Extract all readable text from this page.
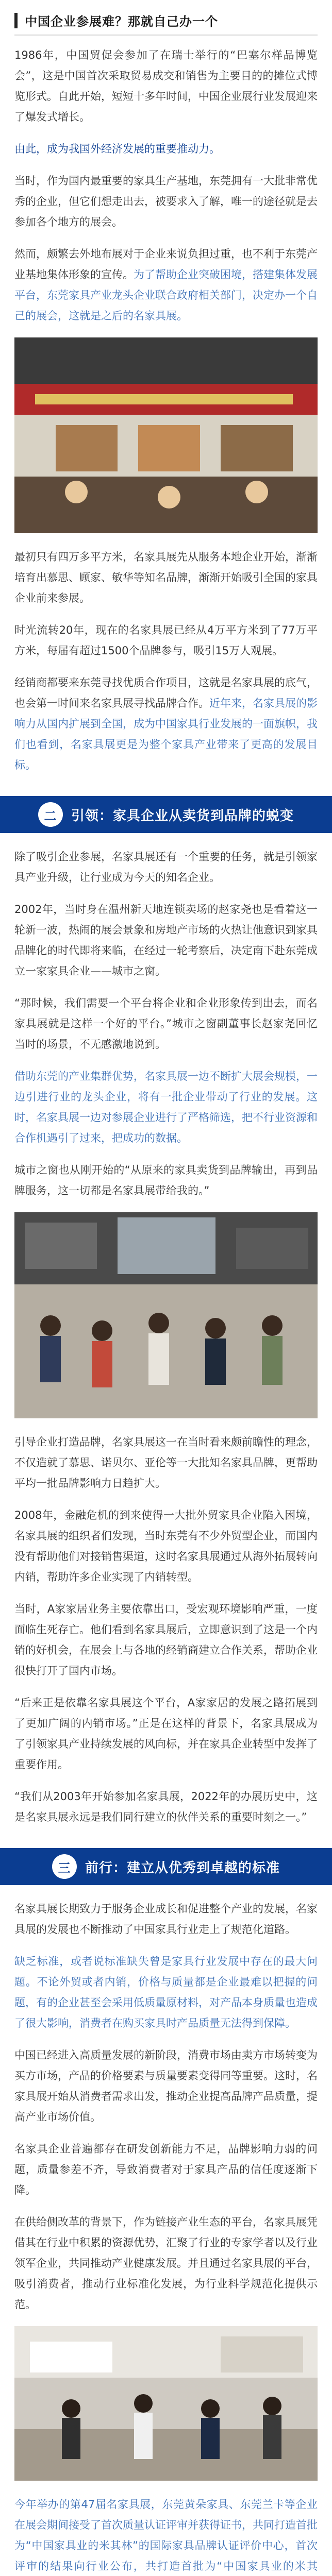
中国企业参展难？那就自己办一个

1986年，中国贸促会参加了在瑞士举行的“巴塞尔样品博览会”，这是中国首次采取贸易成交和销售为主要目的的摊位式博览形式。自此开始，短短十多年时间，中国企业展行业发展迎来了爆发式增长。

由此，成为我国外经济发展的重要推动力。

当时，作为国内最重要的家具生产基地，东莞拥有一大批非常优秀的企业，但它们想走出去，被要求入了解，唯一的途径就是去参加各个地方的展会。

然而，颇繁去外地布展对于企业来说负担过重，也不利于东莞产业基地集体形象的宣传。为了帮助企业突破困境，搭建集体发展平台，东莞家具产业龙头企业联合政府相关部门，决定办一个自己的展会，这就是之后的名家具展。

最初只有四万多平方米，名家具展先从服务本地企业开始，渐渐培育出慕思、顾家、敏华等知名品牌，渐渐开始吸引全国的家具企业前来参展。

时光流转20年，现在的名家具展已经从4万平方米到了77万平方米，每届有超过1500个品牌参与，吸引15万人观展。

经销商都要来东莞寻找优质合作项目，这就是名家具展的底气，也会第一时间来名家具展寻找品牌合作。近年来，名家具展的影响力从国内扩展到全国，成为中国家具行业发展的一面旗帜，我们也看到，名家具展更是为整个家具产业带来了更高的发展目标。

二	引领：家具企业从卖货到品牌的蜕变

除了吸引企业参展，名家具展还有一个重要的任务，就是引领家具产业升级，让行业成为今天的知名企业。

2002年，当时身在温州新天地连锁卖场的赵家尧也是看着这一轮新一波，热闹的展会景象和房地产市场的火热让他意识到家具品牌化的时代即将来临，在经过一轮考察后，决定南下赴东莞成立一家家具企业——城市之窗。

“那时候，我们需要一个平台将企业和企业形象传到出去，而名家具展就是这样一个好的平台。”城市之窗副董事长赵家尧回忆当时的场景，不无感激地说到。

借助东莞的产业集群优势，名家具展一边不断扩大展会规模，一边引进行业的龙头企业，将有一批企业带动了行业的发展。这时，名家具展一边对参展企业进行了严格筛选，把不行业资源和合作机遇引了过来，把成功的数据。

城市之窗也从刚开始的“从原来的家具卖货到品牌输出，再到品牌服务，这一切都是名家具展带给我的。”

引导企业打造品牌，名家具展这一在当时看来颇前瞻性的理念，不仅造就了慕思、诺贝尔、亚伦等一大批知名家具品牌，更帮助平均一批品牌影响力日趋扩大。

2008年，金融危机的到来使得一大批外贸家具企业陷入困境，名家具展的组织者们发现，当时东莞有不少外贸型企业，而国内没有帮助他们对接销售渠道，这时名家具展通过从海外拓展转向内销，帮助许多企业实现了内销转型。

当时，A家家居业务主要依靠出口，受宏观环境影响严重，一度面临生死存亡。他们看到名家具展后，立即意识到了这是一个内销的好机会，在展会上与各地的经销商建立合作关系，帮助企业很快打开了国内市场。

“后来正是依靠名家具展这个平台，A家家居的发展之路拓展到了更加广阔的内销市场。”正是在这样的背景下，名家具展成为了引领家具产业持续发展的风向标，并在家具企业转型中发挥了重要作用。

“我们从2003年开始参加名家具展，2022年的办展历史中，这是名家具展永远是我们同行建立的伙伴关系的重要时刻之一。”

三	前行：建立从优秀到卓越的标准

名家具展长期致力于服务企业成长和促进整个产业的发展，名家具展的发展也不断推动了中国家具行业走上了规范化道路。

缺乏标准，或者说标准缺失曾是家具行业发展中存在的最大问题。不论外贸或者内销，价格与质量都是企业最难以把握的问题，有的企业甚至会采用低质量原材料，对产品本身质量也造成了很大影响，消费者在购买家具时产品质量无法得到保障。

中国已经进入高质量发展的新阶段，消费市场由卖方市场转变为买方市场，产品的价格要素与质量要素变得同等重要。这时，名家具展开始从消费者需求出发，推动企业提高品牌产品质量，提高产业市场价值。

名家具企业普遍都存在研发创新能力不足，品牌影响力弱的问题，质量参差不齐，导致消费者对于家具产品的信任度逐渐下降。

在供给侧改革的背景下，作为链接产业生态的平台，名家具展凭借其在行业中积累的资源优势，汇聚了行业的专家学者以及行业领军企业，共同推动产业健康发展。并且通过名家具展的平台，吸引消费者，推动行业标准化发展，为行业科学规范化提供示范。

今年举办的第47届名家具展，东莞黄朵家具、东莞兰卡等企业在展会期间接受了首次质量认证评审并获得证书，共同打造首批为“中国家具业的米其林”的国际家具品牌认证评价中心，首次评审的结果向行业公布，共打造首批为“中国家具业的米其
